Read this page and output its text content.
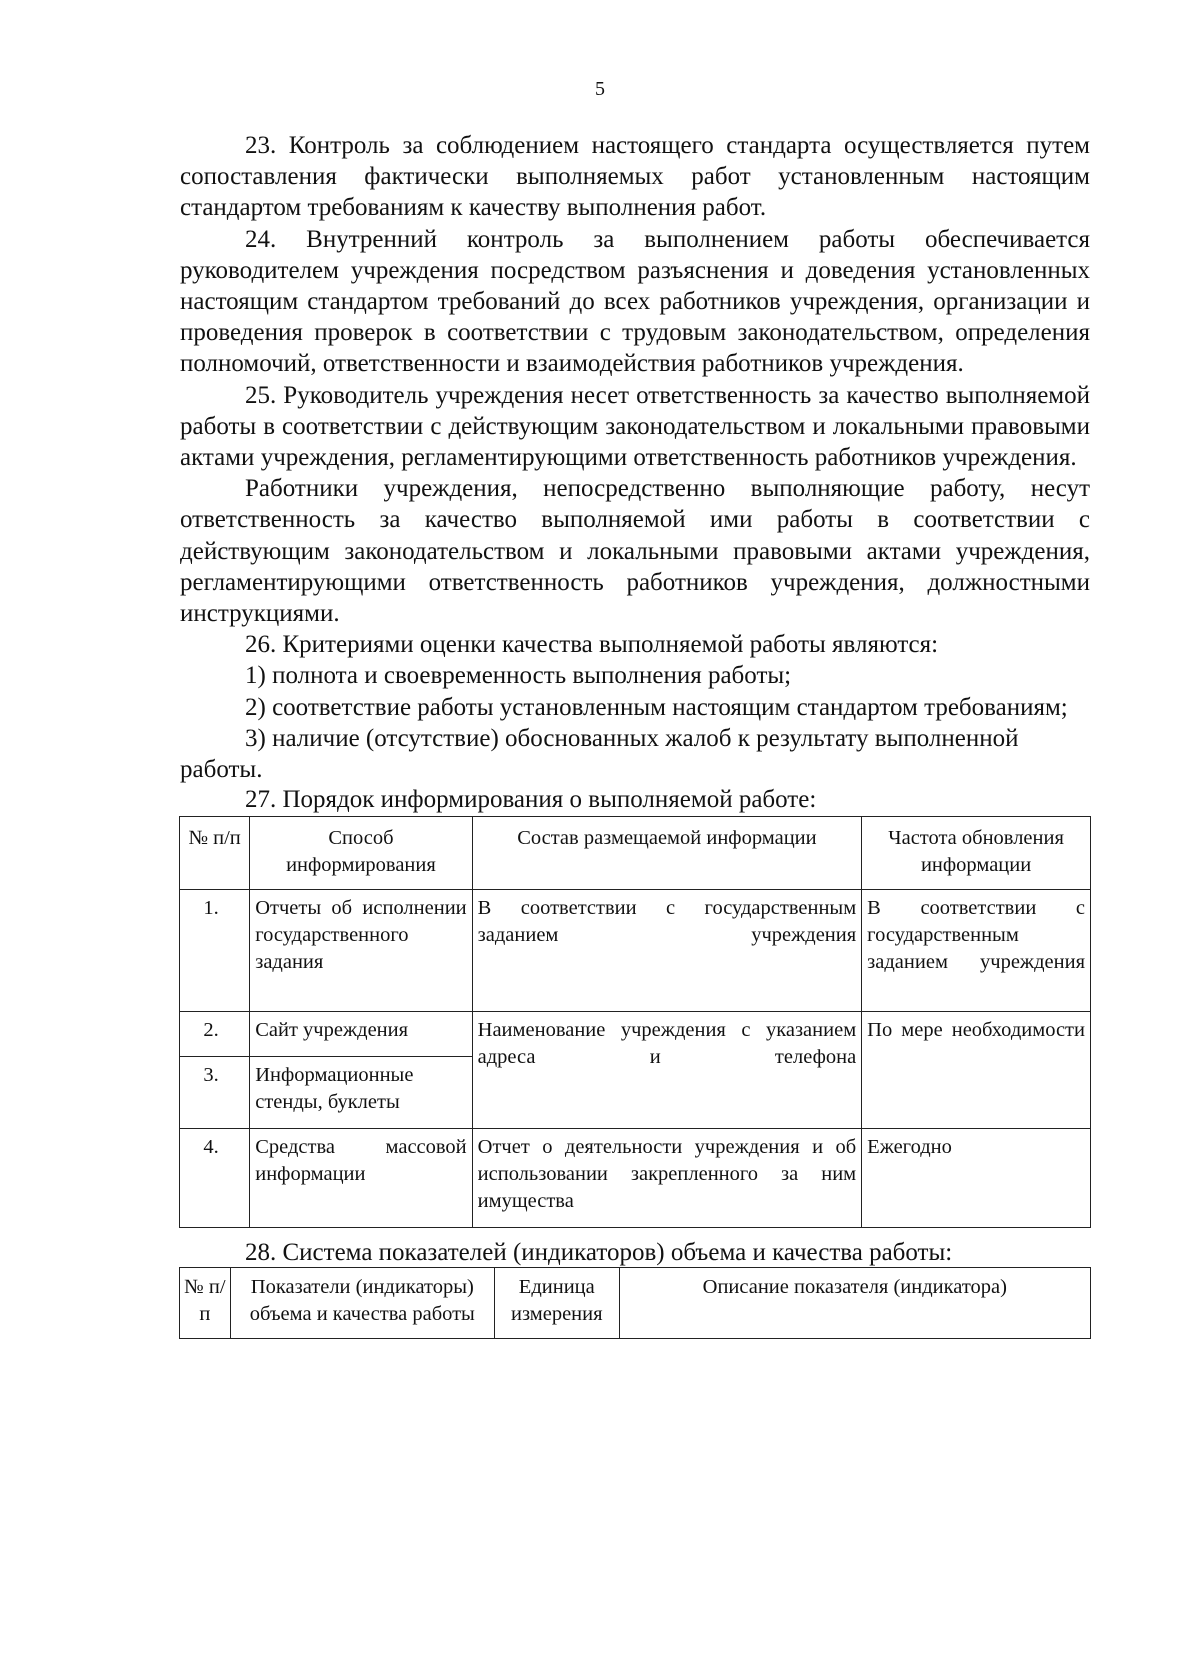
5

23. Контроль за соблюдением настоящего стандарта осуществляется путем сопоставления фактически выполняемых работ установленным настоящим стандартом требованиям к качеству выполнения работ.

24. Внутренний контроль за выполнением работы обеспечивается руководителем учреждения посредством разъяснения и доведения установленных настоящим стандартом требований до всех работников учреждения, организации и проведения проверок в соответствии с трудовым законодательством, определения полномочий, ответственности и взаимодействия работников учреждения.

25. Руководитель учреждения несет ответственность за качество выполняемой работы в соответствии с действующим законодательством и локальными правовыми актами учреждения, регламентирующими ответственность работников учреждения.

Работники учреждения, непосредственно выполняющие работу, несут ответственность за качество выполняемой ими работы в соответствии с действующим законодательством и локальными правовыми актами учреждения, регламентирующими ответственность работников учреждения, должностными инструкциями.

26. Критериями оценки качества выполняемой работы являются:

1) полнота и своевременность выполнения работы;

2) соответствие работы установленным настоящим стандартом требованиям;

3) наличие (отсутствие) обоснованных жалоб к результату выполненной работы.

27. Порядок информирования о выполняемой работе:

№ п/п	Способ информирования	Состав размещаемой информации	Частота обновления информации
1.	Отчеты об исполнении государственного задания	В соответствии с государственным заданием учреждения	В соответствии с государственным заданием учреждения
2.	Сайт учреждения	Наименование учреждения с указанием адреса и телефона	По мере необходимости
3.	Информационные стенды, буклеты		
4.	Средства массовой информации	Отчет о деятельности учреждения и об использовании закрепленного за ним имущества	Ежегодно

28. Система показателей (индикаторов) объема и качества работы:

№ п/п	Показатели (индикаторы) объема и качества работы	Единица измерения	Описание показателя (индикатора)
